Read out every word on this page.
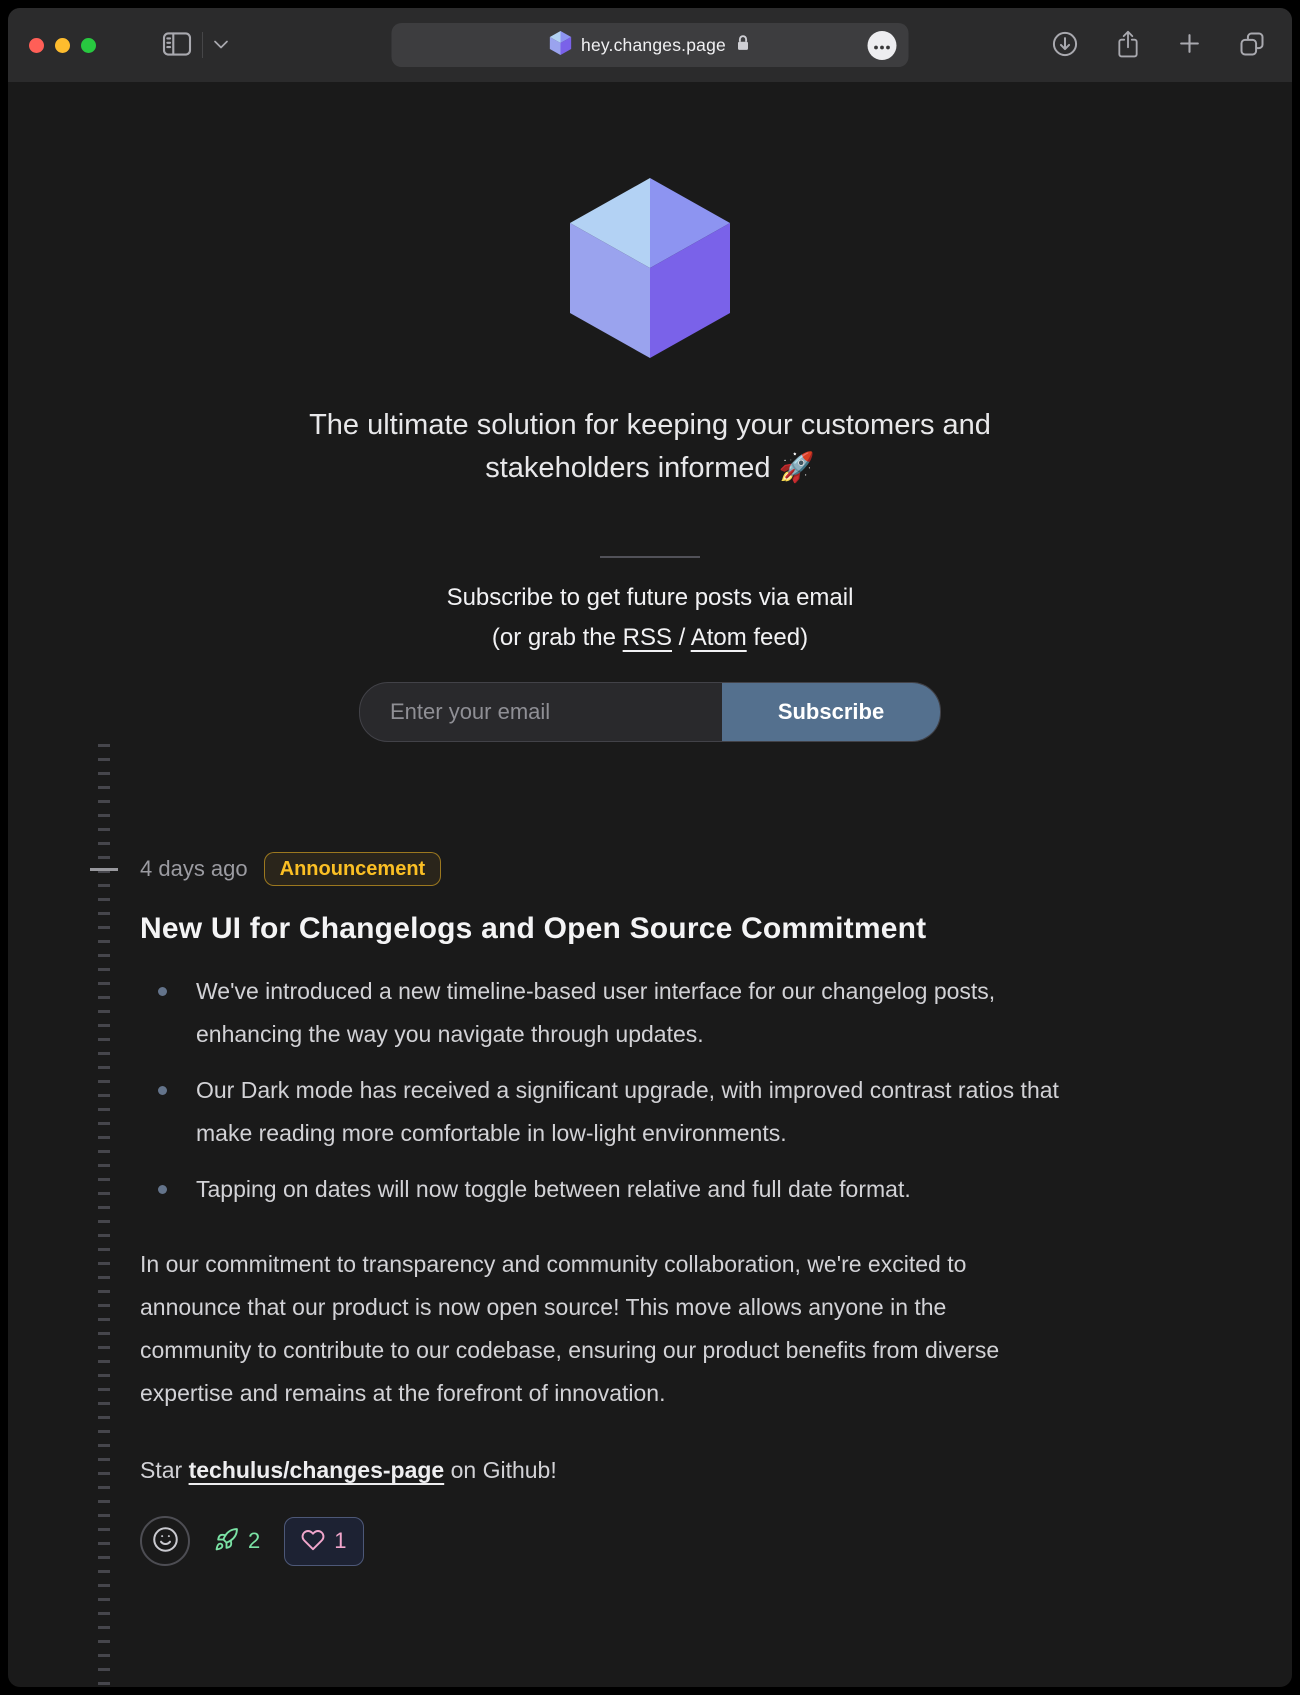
hey.changes.page
The ultimate solution for keeping your customers and stakeholders informed 🚀
Subscribe to get future posts via email
(or grab the RSS / Atom feed)
Enter your email
Subscribe
4 days ago	Announcement
New UI for Changelogs and Open Source Commitment
We've introduced a new timeline-based user interface for our changelog posts, enhancing the way you navigate through updates.
Our Dark mode has received a significant upgrade, with improved contrast ratios that make reading more comfortable in low-light environments.
Tapping on dates will now toggle between relative and full date format.
In our commitment to transparency and community collaboration, we're excited to announce that our product is now open source! This move allows anyone in the community to contribute to our codebase, ensuring our product benefits from diverse expertise and remains at the forefront of innovation.
Star techulus/changes-page on Github!
2	1
